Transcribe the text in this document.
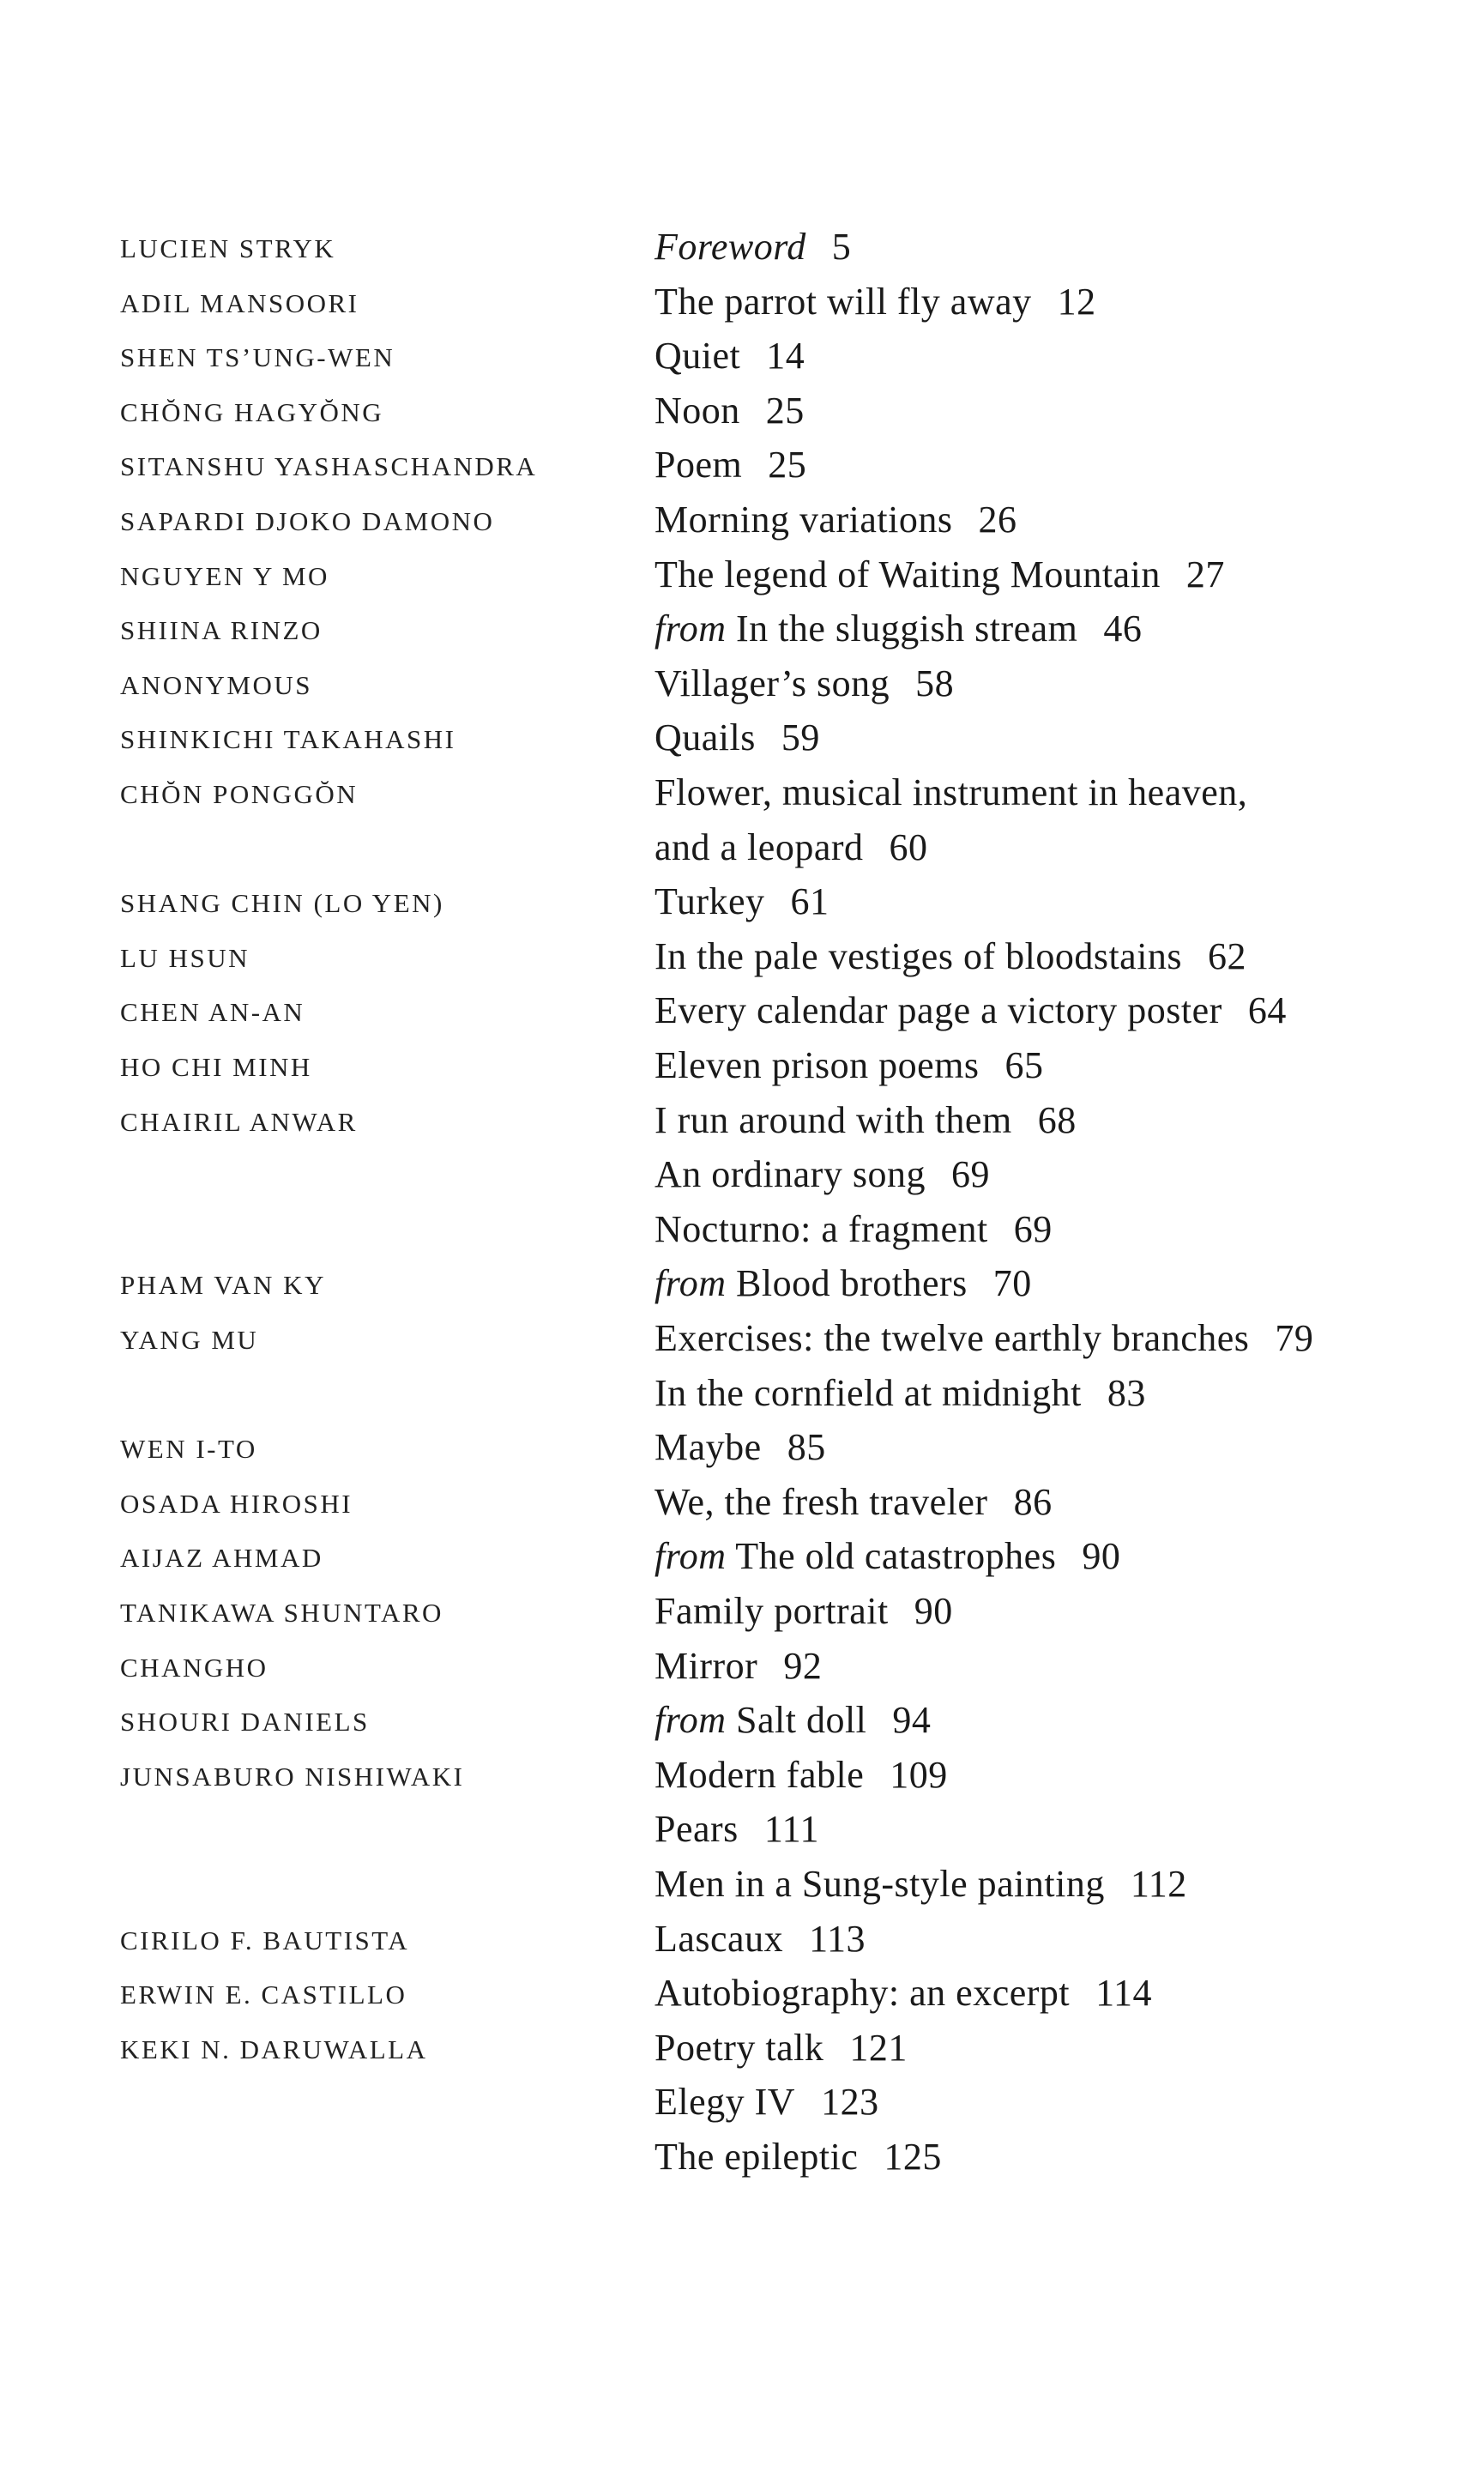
LUCIEN STRYK	Foreword 5
ADIL MANSOORI	The parrot will fly away 12
SHEN TS’UNG-WEN	Quiet 14
CHŎNG HAGYŎNG	Noon 25
SITANSHU YASHASCHANDRA	Poem 25
SAPARDI DJOKO DAMONO	Morning variations 26
NGUYEN Y MO	The legend of Waiting Mountain 27
SHIINA RINZO	from In the sluggish stream 46
ANONYMOUS	Villager’s song 58
SHINKICHI TAKAHASHI	Quails 59
CHŎN PONGGŎN	Flower, musical instrument in heaven,
and a leopard 60
SHANG CHIN (LO YEN)	Turkey 61
LU HSUN	In the pale vestiges of bloodstains 62
CHEN AN-AN	Every calendar page a victory poster 64
HO CHI MINH	Eleven prison poems 65
CHAIRIL ANWAR	I run around with them 68
An ordinary song 69
Nocturno: a fragment 69
PHAM VAN KY	from Blood brothers 70
YANG MU	Exercises: the twelve earthly branches 79
In the cornfield at midnight 83
WEN I-TO	Maybe 85
OSADA HIROSHI	We, the fresh traveler 86
AIJAZ AHMAD	from The old catastrophes 90
TANIKAWA SHUNTARO	Family portrait 90
CHANGHO	Mirror 92
SHOURI DANIELS	from Salt doll 94
JUNSABURO NISHIWAKI	Modern fable 109
Pears 111
Men in a Sung-style painting 112
CIRILO F. BAUTISTA	Lascaux 113
ERWIN E. CASTILLO	Autobiography: an excerpt 114
KEKI N. DARUWALLA	Poetry talk 121
Elegy IV 123
The epileptic 125
